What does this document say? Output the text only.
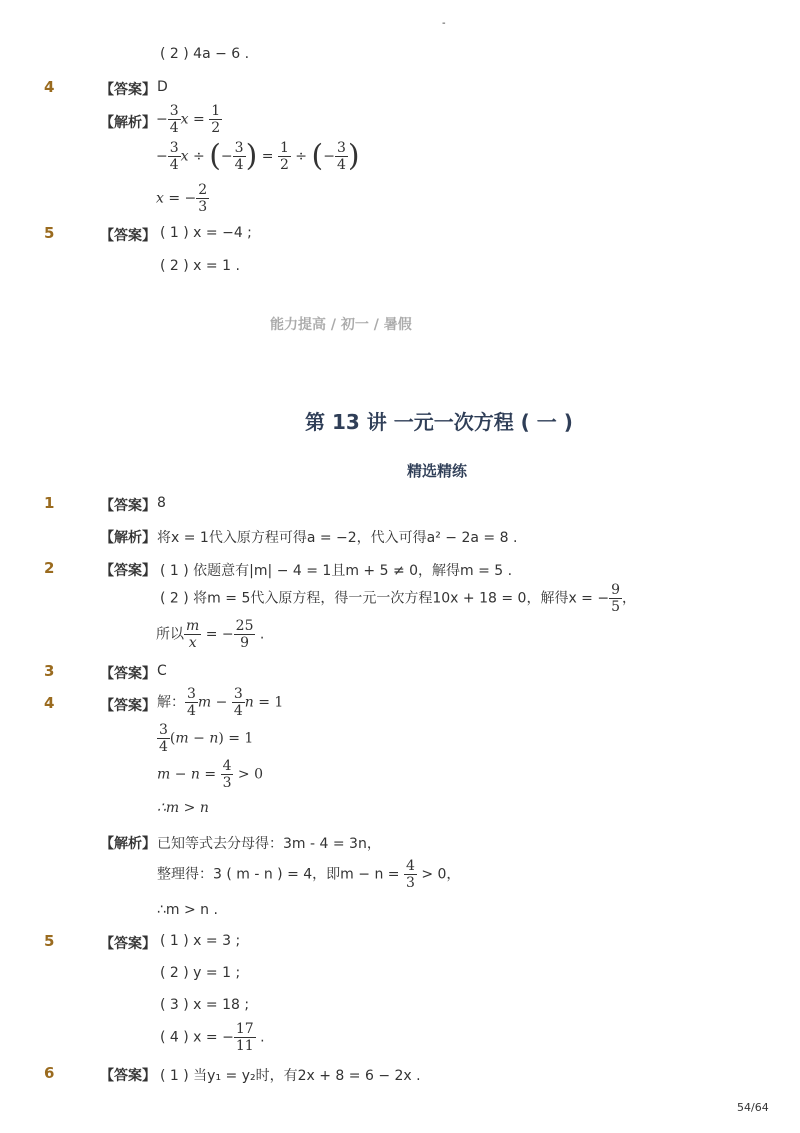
-
( 2 ) 4a − 6 .
4	【答案】 D
【解析】 − $\frac{3}{4}$ $x = \frac{1}{2}$
− $\frac{3}{4}$ x ÷ (− $\frac{3}{4}$ ) = $\frac{1}{2}$ ÷ (− $\frac{3}{4}$ )
x = − $\frac{2}{3}$
5	【答案】 ( 1 ) x = −4 ;
( 2 ) x = 1 .
能力提高 / 初一 / 暑假
第 13 讲 一元一次方程 ( 一 )
精选精练
1	【答案】 8
【解析】 将x = 1代入原方程可得a = −2，代入可得a² − 2a = 8 .
2	【答案】 ( 1 ) 依题意有|m| − 4 = 1且m + 5 ≠ 0，解得m = 5 .
( 2 ) 将m = 5代入原方程，得一元一次方程10x + 18 = 0，解得x = − $\frac{9}{5}$ ，
所以 $\frac{m}{x}$ = − $\frac{25}{9}$ .
3	【答案】 C
4	【答案】 解： $\frac{3}{4}$ $m - \frac{3}{4}$ n = 1
$\frac{3}{4} (m - n) = 1$
$m - n = \frac{4}{3} > 0$
∴m > n
【解析】 已知等式去分母得：3m - 4 = 3n，
整理得：3 ( m - n ) = 4，即$m - n = \frac{4}{3} > 0$，
∴m > n .
5	【答案】 ( 1 ) x = 3 ;
( 2 ) y = 1 ;
( 3 ) x = 18 ;
( 4 ) x = − $\frac{17}{11}$ .
6	【答案】 ( 1 ) 当y₁ = y₂时，有2x + 8 = 6 − 2x .
54/64
